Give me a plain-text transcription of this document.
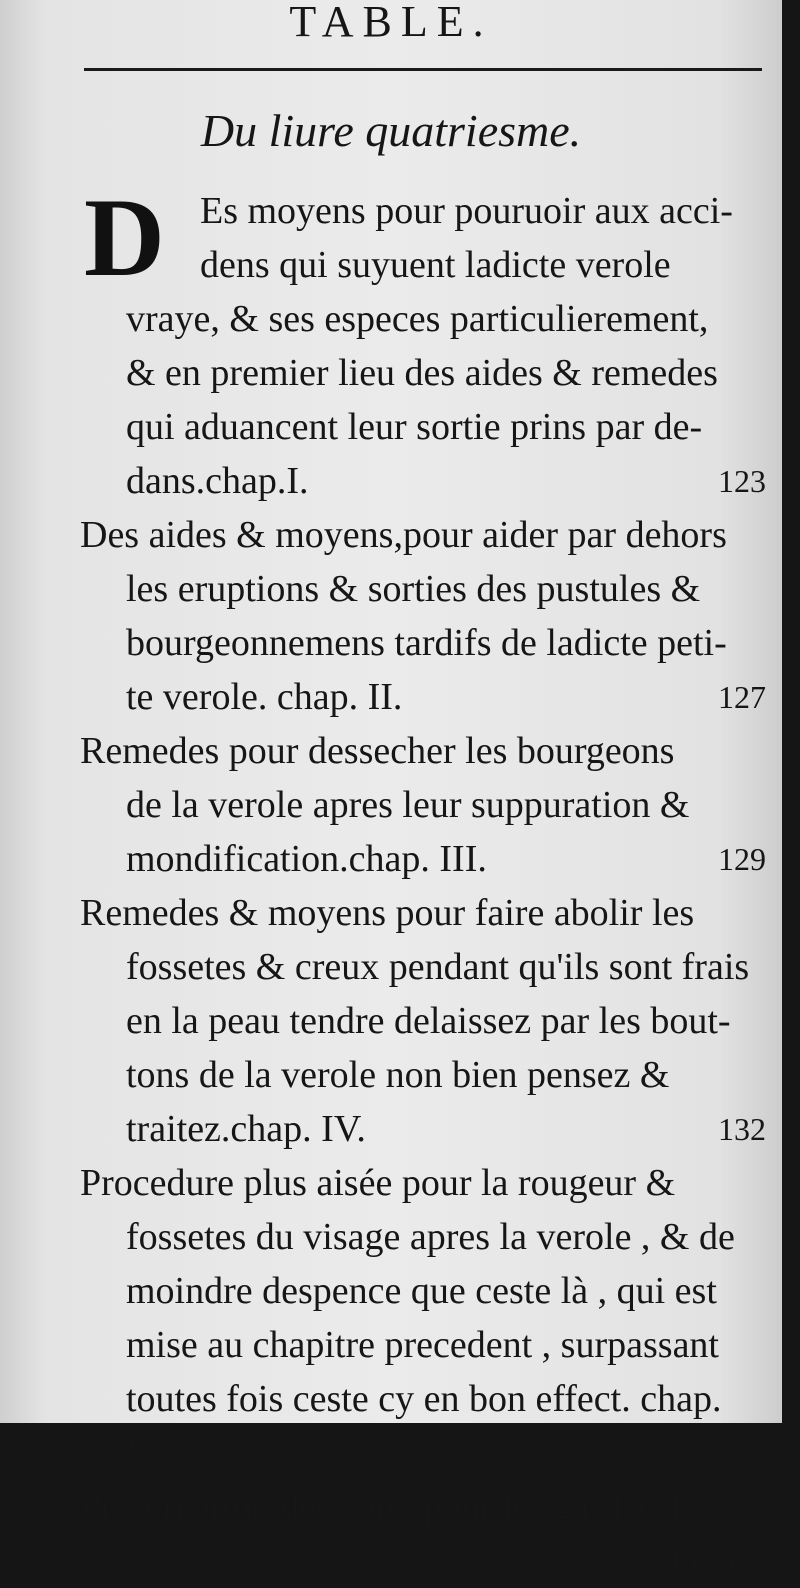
TABLE.
Du liure quatriesme.
D Es moyens pour pouruoir aux acci-
dens qui suyuent ladicte verole
vraye, & ses especes particulierement,
& en premier lieu des aides & remedes
qui aduancent leur sortie prins par de-
dans.chap.I.	123
Des aides & moyens,pour aider par dehors
les eruptions & sorties des pustules &
bourgeonnemens tardifs de ladicte peti-
te verole. chap. II.	127
Remedes pour dessecher les bourgeons
de la verole apres leur suppuration &
mondification.chap. III.	129
Remedes & moyens pour faire abolir les
fossetes & creux pendant qu'ils sont frais
en la peau tendre delaissez par les bout-
tons de la verole non bien pensez &
traitez.chap. IV.	132
Procedure plus aisée pour la rougeur &
fossetes du visage apres la verole , & de
moindre despence que ceste là , qui est
mise au chapitre precedent , surpassant
toutes fois ceste cy en bon effect. chap.
V.	137
Preseruation des yeux,pour les garder des
taches
